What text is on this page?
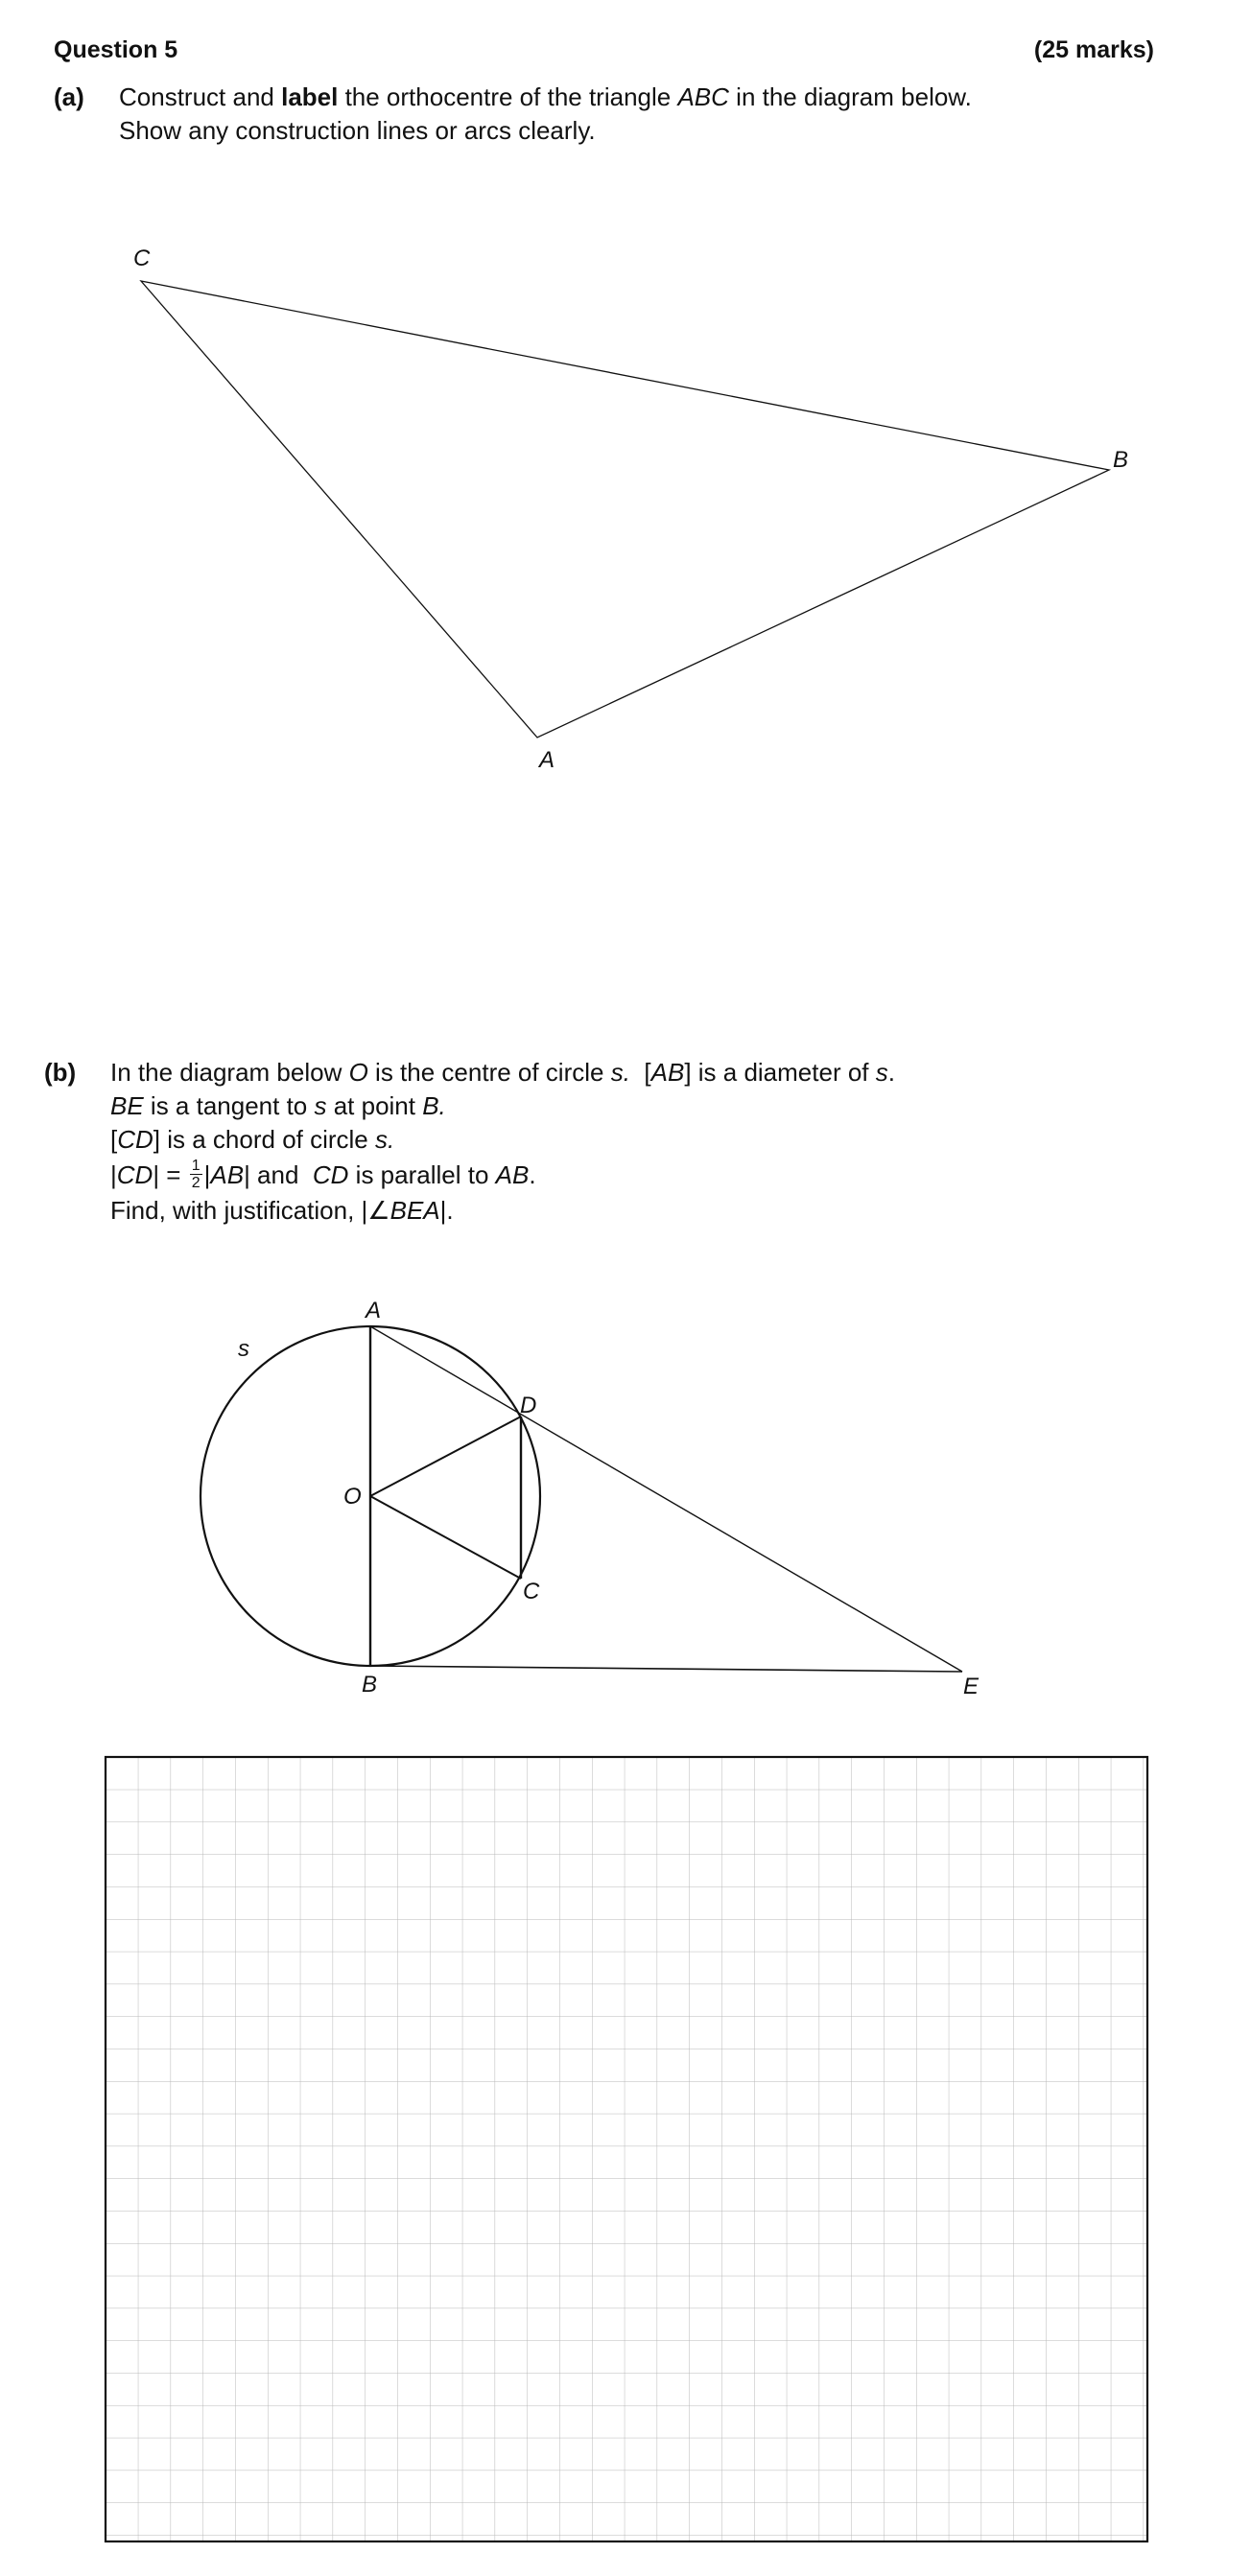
Question 5	(25 marks)
(a) Construct and label the orthocentre of the triangle ABC in the diagram below.
Show any construction lines or arcs clearly.
C
B
A
(b) In the diagram below O is the centre of circle s.  [AB] is a diameter of s.
BE is a tangent to s at point B.
[CD] is a chord of circle s.
$|CD| = \frac{1}{2} |AB|$ and  CD is parallel to AB.
Find, with justification, |∠BEA|.
A
B
C
D
E
O
s
